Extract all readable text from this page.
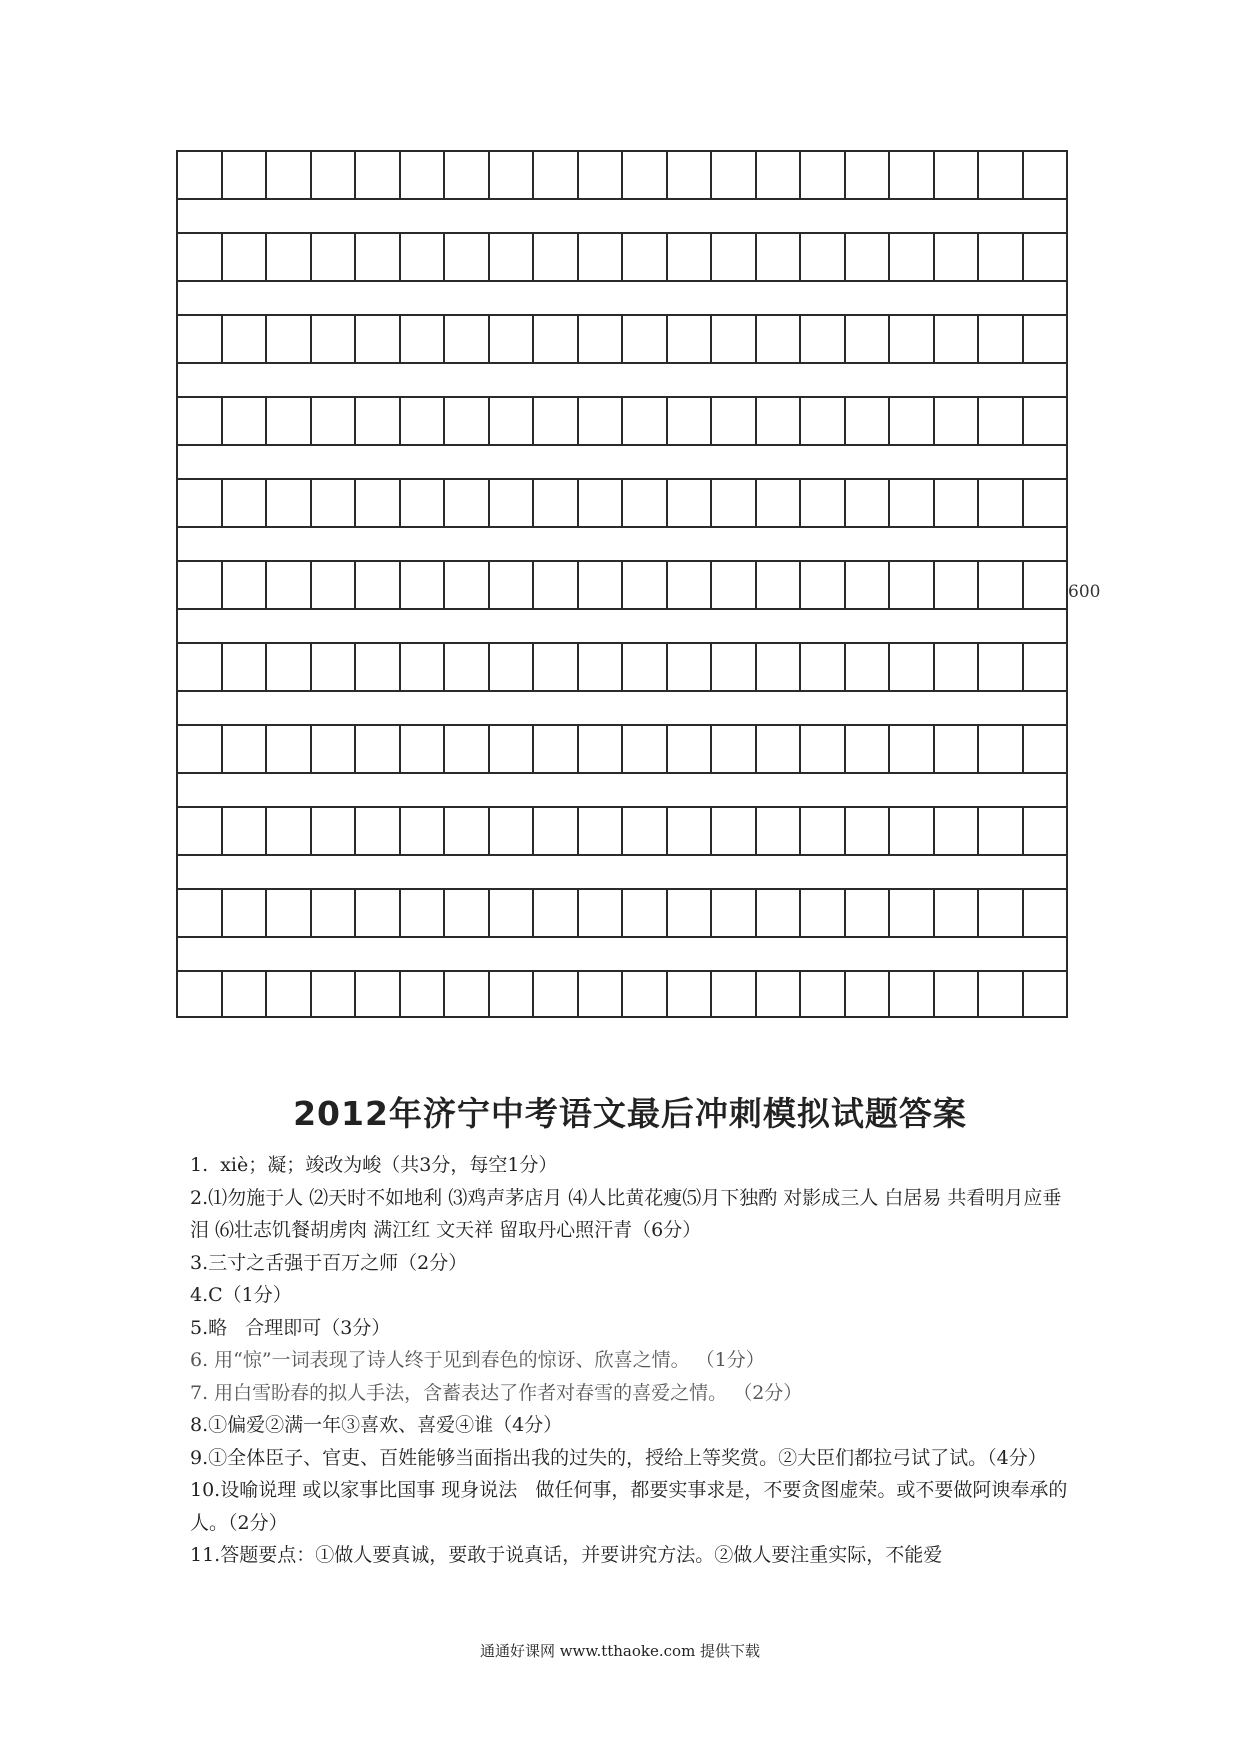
600
2012年济宁中考语文最后冲刺模拟试题答案

1.  xiè；凝；竣改为峻（共3分，每空1分）

2.⑴勿施于人 ⑵天时不如地利 ⑶鸡声茅店月 ⑷人比黄花瘦⑸月下独酌 对影成三人 白居易 共看明月应垂泪 ⑹壮志饥餐胡虏肉 满江红 文天祥 留取丹心照汗青（6分）

3.三寸之舌强于百万之师（2分）

4.C（1分）

5.略   合理即可（3分）

6. 用“惊”一词表现了诗人终于见到春色的惊讶、欣喜之情。 （1分）

7. 用白雪盼春的拟人手法，含蓄表达了作者对春雪的喜爱之情。 （2分）

8.①偏爱②满一年③喜欢、喜爱④谁（4分）

9.①全体臣子、官吏、百姓能够当面指出我的过失的，授给上等奖赏。②大臣们都拉弓试了试。（4分）

10.设喻说理 或以家事比国事 现身说法   做任何事，都要实事求是，不要贪图虚荣。或不要做阿谀奉承的人。（2分）

11.答题要点：①做人要真诚，要敢于说真话，并要讲究方法。②做人要注重实际，不能爱

通通好课网 www.tthaoke.com 提供下载
